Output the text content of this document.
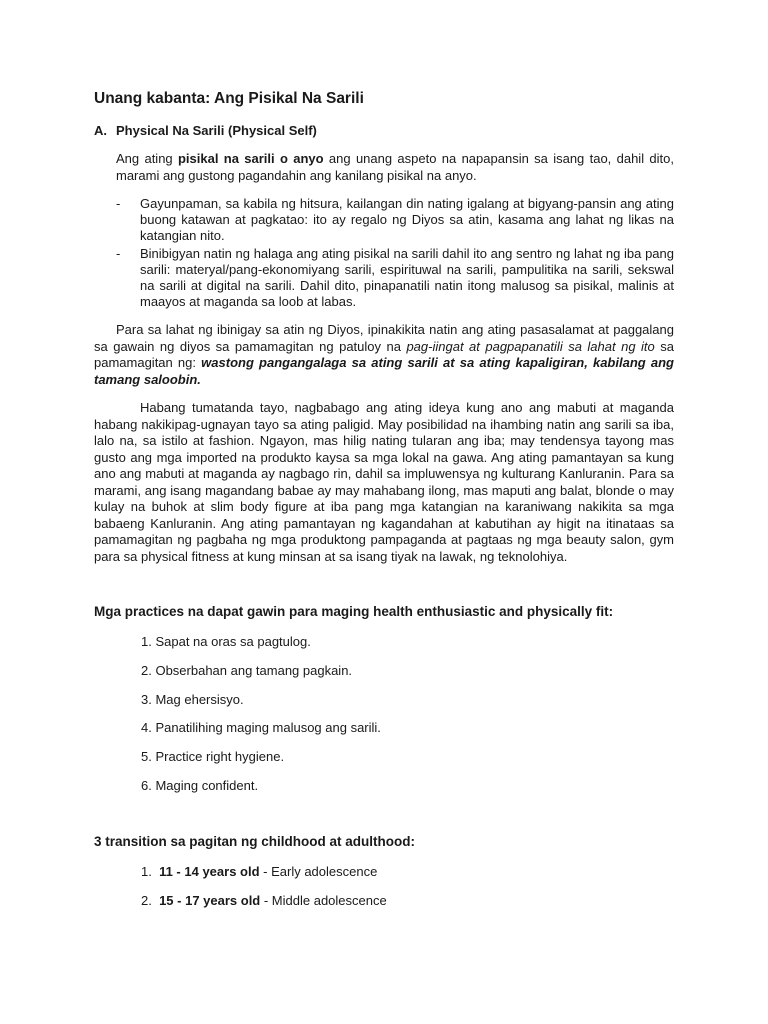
Unang kabanta: Ang Pisikal Na Sarili
A. Physical Na Sarili (Physical Self)

Ang ating pisikal na sarili o anyo ang unang aspeto na napapansin sa isang tao, dahil dito, marami ang gustong pagandahin ang kanilang pisikal na anyo.

- Gayunpaman, sa kabila ng hitsura, kailangan din nating igalang at bigyang-pansin ang ating buong katawan at pagkatao: ito ay regalo ng Diyos sa atin, kasama ang lahat ng likas na katangian nito.
- Binibigyan natin ng halaga ang ating pisikal na sarili dahil ito ang sentro ng lahat ng iba pang sarili: materyal/pang-ekonomiyang sarili, espirituwal na sarili, pampulitika na sarili, sekswal na sarili at digital na sarili. Dahil dito, pinapanatili natin itong malusog sa pisikal, malinis at maayos at maganda sa loob at labas.

Para sa lahat ng ibinigay sa atin ng Diyos, ipinakikita natin ang ating pasasalamat at paggalang sa gawain ng diyos sa pamamagitan ng patuloy na pag-iingat at pagpapanatili sa lahat ng ito sa pamamagitan ng: wastong pangangalaga sa ating sarili at sa ating kapaligiran, kabilang ang tamang saloobin.

Habang tumatanda tayo, nagbabago ang ating ideya kung ano ang mabuti at maganda habang nakikipag-ugnayan tayo sa ating paligid. May posibilidad na ihambing natin ang sarili sa iba, lalo na, sa istilo at fashion. Ngayon, mas hilig nating tularan ang iba; may tendensya tayong mas gusto ang mga imported na produkto kaysa sa mga lokal na gawa. Ang ating pamantayan sa kung ano ang mabuti at maganda ay nagbago rin, dahil sa impluwensya ng kulturang Kanluranin. Para sa marami, ang isang magandang babae ay may mahabang ilong, mas maputi ang balat, blonde o may kulay na buhok at slim body figure at iba pang mga katangian na karaniwang nakikita sa mga babaeng Kanluranin. Ang ating pamantayan ng kagandahan at kabutihan ay higit na itinataas sa pamamagitan ng pagbaha ng mga produktong pampaganda at pagtaas ng mga beauty salon, gym para sa physical fitness at kung minsan at sa isang tiyak na lawak, ng teknolohiya.

Mga practices na dapat gawin para maging health enthusiastic and physically fit:
1. Sapat na oras sa pagtulog.
2. Obserbahan ang tamang pagkain.
3. Mag ehersisyo.
4. Panatilihing maging malusog ang sarili.
5. Practice right hygiene.
6. Maging confident.
3 transition sa pagitan ng childhood at adulthood:
1. 11 - 14 years old - Early adolescence
2. 15 - 17 years old - Middle adolescence
